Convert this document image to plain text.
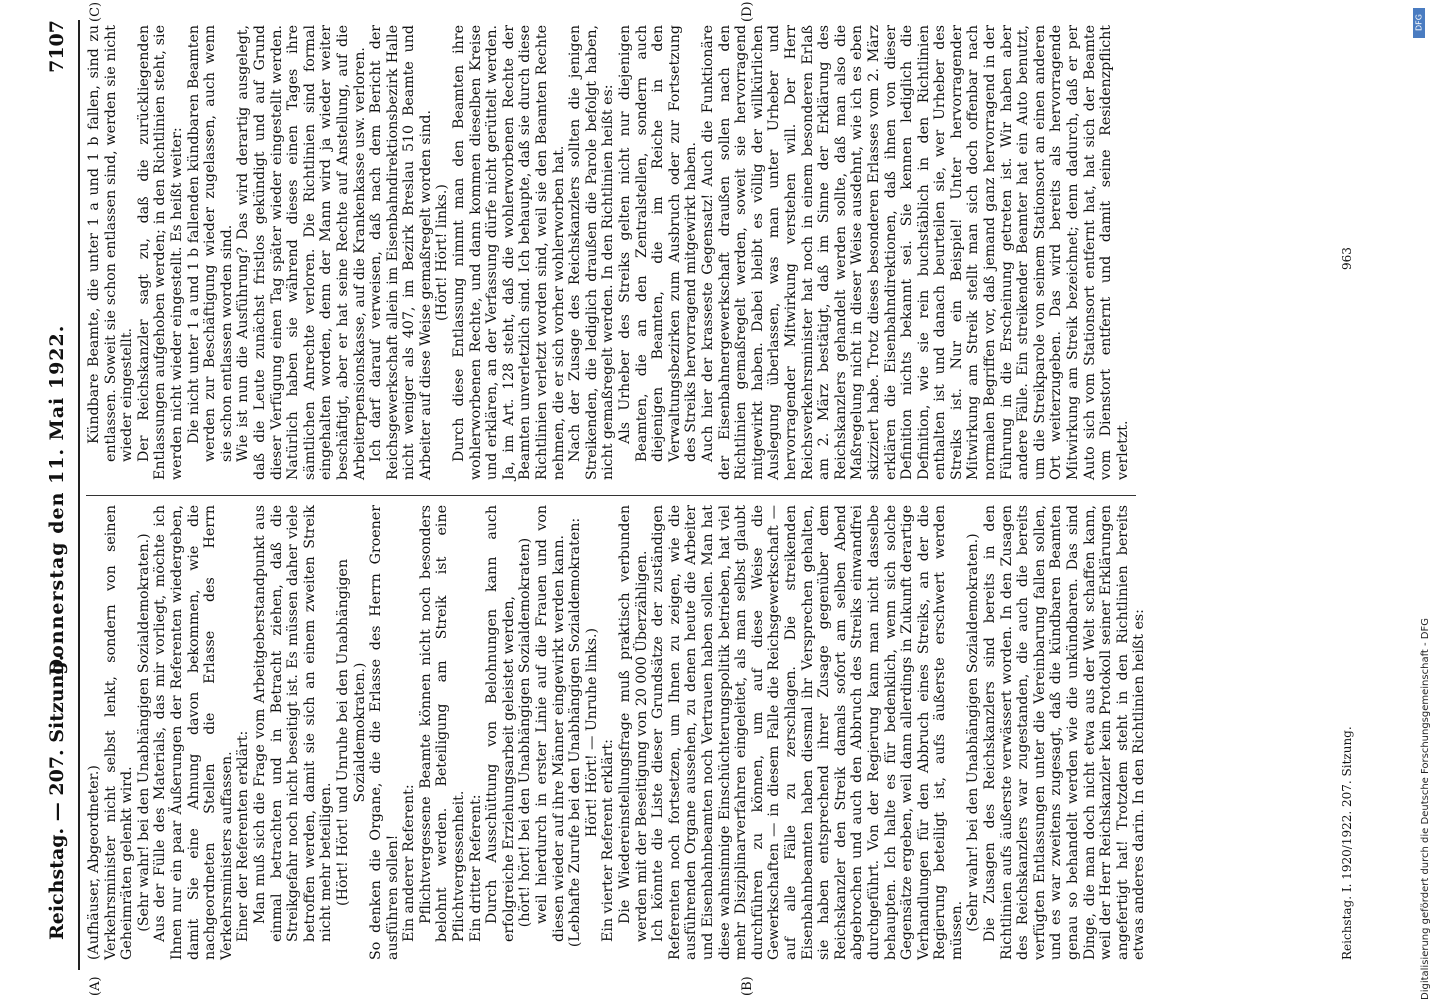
Reichstag. — 207. Sitzung.
Donnerstag den 11. Mai 1922.
7107
(A)	(B)
(C)	(D)

(Aufhäuser, Abgeordneter.) Verkehrsminister nicht selbst lenkt, sondern von seinen Geheimräten gelenkt wird. (Sehr wahr! bei den Unabhängigen Sozialdemokraten.) Aus der Fülle des Materials, das mir vorliegt, möchte ich Ihnen nur ein paar Äußerungen der Referenten wiedergeben, damit Sie eine Ahnung davon bekommen, wie die nachgeordneten Stellen die Erlasse des Herrn Verkehrsministers auffassen. Einer der Referenten erklärt: Man muß sich die Frage vom Arbeitgeberstandpunkt aus einmal betrachten und in Betracht ziehen, daß die Streikgefahr noch nicht beseitigt ist. Es müssen daher viele betroffen werden, damit sie sich an einem zweiten Streik nicht mehr beteiligen. (Hört! Hört! und Unruhe bei den Unabhängigen Sozialdemokraten.) So denken die Organe, die die Erlasse des Herrn Groener ausführen sollen! Ein anderer Referent: Pflichtvergessene Beamte können nicht noch besonders belohnt werden. Beteiligung am Streik ist eine Pflichtvergessenheit. Ein dritter Referent: Durch Ausschüttung von Belohnungen kann auch erfolgreiche Erziehungsarbeit geleistet werden, (hört! hört! bei den Unabhängigen Sozialdemokraten) weil hierdurch in erster Linie auf die Frauen und von diesen wieder auf ihre Männer eingewirkt werden kann. (Lebhafte Zurufe bei den Unabhängigen Sozialdemokraten: Hört! Hört! — Unruhe links.)

Ein vierter Referent erklärt: Die Wiedereinstellungsfrage muß praktisch verbunden werden mit der Beseitigung von 20 000 Überzähligen. Ich könnte die Liste dieser Grundsätze der zuständigen Referenten noch fortsetzen, um Ihnen zu zeigen, wie die ausführenden Organe aussehen, zu denen heute die Arbeiter und Eisenbahnbeamten noch Vertrauen haben sollen. Man hat diese wahnsinnige Einschüchterungspolitik betrieben, hat viel mehr Disziplinarverfahren eingeleitet, als man selbst glaubt durchführen zu können, um auf diese Weise die Gewerkschaften — in diesem Falle die Reichsgewerkschaft — auf alle Fälle zu zerschlagen. Die streikenden Eisenbahnbeamten haben diesmal ihr Versprechen gehalten, sie haben entsprechend ihrer Zusage gegenüber dem Reichskanzler den Streik damals sofort am selben Abend abgebrochen und auch den Abbruch des Streiks einwandfrei durchgeführt. Von der Regierung kann man nicht dasselbe behaupten. Ich halte es für bedenklich, wenn sich solche Gegensätze ergeben, weil dann allerdings in Zukunft derartige Verhandlungen für den Abbruch eines Streiks, an der die Regierung beteiligt ist, aufs äußerste erschwert werden müssen. (Sehr wahr! bei den Unabhängigen Sozialdemokraten.) Die Zusagen des Reichskanzlers sind bereits in den Richtlinien aufs äußerste verwässert worden. In den Zusagen des Reichskanzlers war zugestanden, die auch die bereits verfügten Entlassungen unter die Vereinbarung fallen sollen, und es war zweitens zugesagt, daß die kündbaren Beamten genau so behandelt werden wie die unkündbaren. Das sind Dinge, die man doch nicht etwa aus der Welt schaffen kann, weil der Herr Reichskanzler kein Protokoll seiner Erklärungen angefertigt hat! Trotzdem steht in den Richtlinien bereits etwas anderes darin. In den Richtlinien heißt es:

Kündbare Beamte, die unter 1 a und 1 b fallen, sind zu entlassen. Soweit sie schon entlassen sind, werden sie nicht wieder eingestellt. Der Reichskanzler sagt zu, daß die zurückliegenden Entlassungen aufgehoben werden; in den Richtlinien steht, sie werden nicht wieder eingestellt. Es heißt weiter: Die nicht unter 1 a und 1 b fallenden kündbaren Beamten werden zur Beschäftigung wieder zugelassen, auch wenn sie schon entlassen worden sind. Wie ist nun die Ausführung? Das wird derartig ausgelegt, daß die Leute zunächst fristlos gekündigt und auf Grund dieser Verfügung einen Tag später wieder eingestellt werden. Natürlich haben sie während dieses einen Tages ihre sämtlichen Anrechte verloren. Die Richtlinien sind formal eingehalten worden, denn der Mann wird ja wieder weiter beschäftigt, aber er hat seine Rechte auf Anstellung, auf die Arbeiterpensionskasse, auf die Krankenkasse usw. verloren. Ich darf darauf verweisen, daß nach dem Bericht der Reichsgewerkschaft allein im Eisenbahndirektionsbezirk Halle nicht weniger als 407, im Bezirk Breslau 510 Beamte und Arbeiter auf diese Weise gemaßregelt worden sind. (Hört! Hört! links.) Durch diese Entlassung nimmt man den Beamten ihre wohlerworbenen Rechte, und dann kommen dieselben Kreise und erklären, an der Verfassung dürfe nicht gerüttelt werden. Ja, im Art. 128 steht, daß die wohlerworbenen Rechte der Beamten unverletzlich sind. Ich behaupte, daß sie durch diese Richtlinien verletzt worden sind, weil sie den Beamten Rechte nehmen, die er sich vorher wohlerworben hat. Nach der Zusage des Reichskanzlers sollten die jenigen Streikenden, die lediglich draußen die Parole befolgt haben, nicht gemaßregelt werden. In den Richtlinien heißt es: Als Urheber des Streiks gelten nicht nur diejenigen Beamten, die an den Zentralstellen, sondern auch diejenigen Beamten, die im Reiche in den Verwaltungsbezirken zum Ausbruch oder zur Fortsetzung des Streiks hervorragend mitgewirkt haben. Auch hier der krasseste Gegensatz! Auch die Funktionäre der Eisenbahnergewerkschaft draußen sollen nach den Richtlinien gemaßregelt werden, soweit sie hervorragend mitgewirkt haben. Dabei bleibt es völlig der willkürlichen Auslegung überlassen, was man unter Urheber und hervorragender Mitwirkung verstehen will. Der Herr Reichsverkehrsminister hat noch in einem besonderen Erlaß am 2. März bestätigt, daß im Sinne der Erklärung des Reichskanzlers gehandelt werden sollte, daß man also die Maßregelung nicht in dieser Weise ausdehnt, wie ich es eben skizziert habe. Trotz dieses besonderen Erlasses vom 2. März erklären die Eisenbahndirektionen, daß ihnen von dieser Definition nichts bekannt sei. Sie kennen lediglich die Definition, wie sie rein buchstäblich in den Richtlinien enthalten ist und danach beurteilen sie, wer Urheber des Streiks ist. Nur ein Beispiel! Unter hervorragender Mitwirkung am Streik stellt man sich doch offenbar nach normalen Begriffen vor, daß jemand ganz hervorragend in der Führung in die Erscheinung getreten ist. Wir haben aber andere Fälle. Ein streikender Beamter hat ein Auto benutzt, um die Streikparole von seinem Stationsort an einen anderen Ort weiterzugeben. Das wird bereits als hervorragende Mitwirkung am Streik bezeichnet; denn dadurch, daß er per Auto sich vom Stationsort entfernt hat, hat sich der Beamte vom Dienstort entfernt und damit seine Residenzpflicht verletzt.

Reichstag. I. 1920/1922. 207. Sitzung.
963
DFG
Digitalisierung gefördert durch die Deutsche Forschungsgemeinschaft - DFG
